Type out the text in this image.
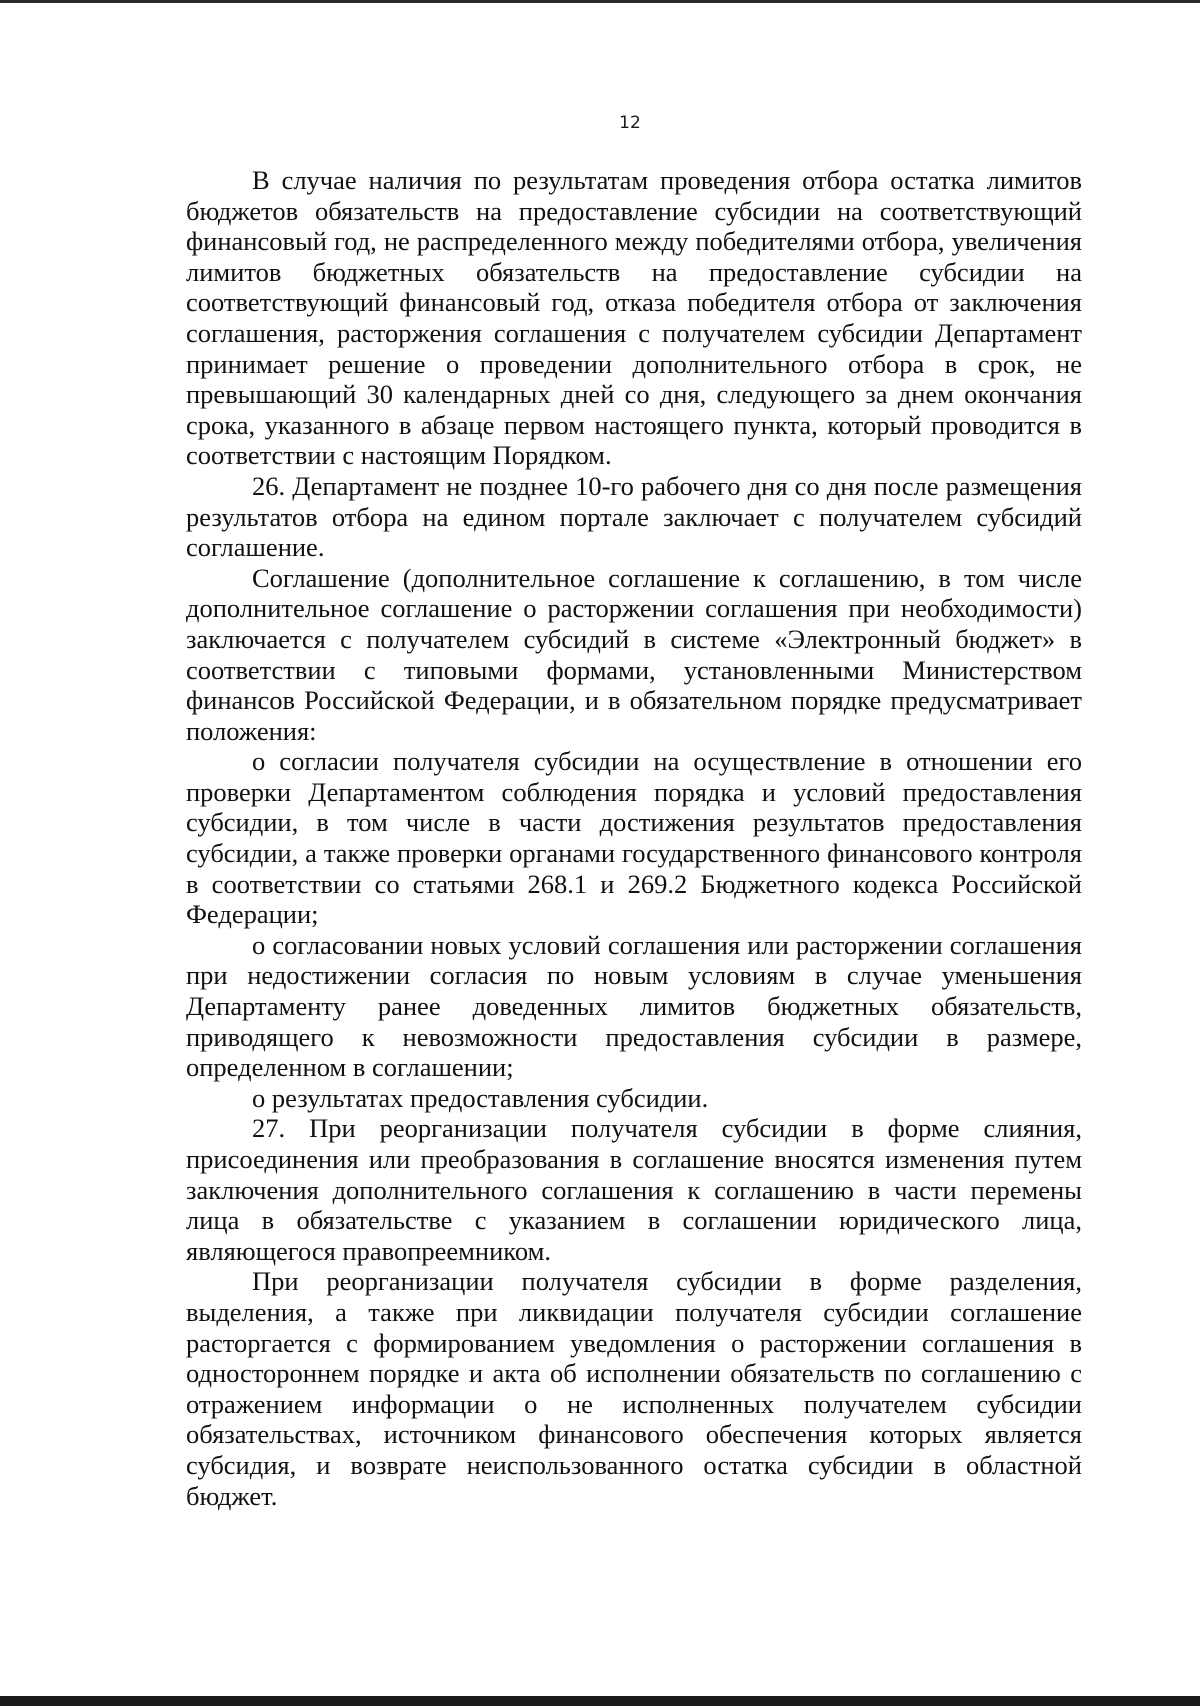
12

В случае наличия по результатам проведения отбора остатка лимитов бюджетов обязательств на предоставление субсидии на соответствующий финансовый год, не распределенного между победителями отбора, увеличения лимитов бюджетных обязательств на предоставление субсидии на соответствующий финансовый год, отказа победителя отбора от заключения соглашения, расторжения соглашения с получателем субсидии Департамент принимает решение о проведении дополнительного отбора в срок, не превышающий 30 календарных дней со дня, следующего за днем окончания срока, указанного в абзаце первом настоящего пункта, который проводится в соответствии с настоящим Порядком.

26. Департамент не позднее 10-го рабочего дня со дня после размещения результатов отбора на едином портале заключает с получателем субсидий соглашение.

Соглашение (дополнительное соглашение к соглашению, в том числе дополнительное соглашение о расторжении соглашения при необходимости) заключается с получателем субсидий в системе «Электронный бюджет» в соответствии с типовыми формами, установленными Министерством финансов Российской Федерации, и в обязательном порядке предусматривает положения:

о согласии получателя субсидии на осуществление в отношении его проверки Департаментом соблюдения порядка и условий предоставления субсидии, в том числе в части достижения результатов предоставления субсидии, а также проверки органами государственного финансового контроля в соответствии со статьями 268.1 и 269.2 Бюджетного кодекса Российской Федерации;

о согласовании новых условий соглашения или расторжении соглашения при недостижении согласия по новым условиям в случае уменьшения Департаменту ранее доведенных лимитов бюджетных обязательств, приводящего к невозможности предоставления субсидии в размере, определенном в соглашении;

о результатах предоставления субсидии.

27. При реорганизации получателя субсидии в форме слияния, присоединения или преобразования в соглашение вносятся изменения путем заключения дополнительного соглашения к соглашению в части перемены лица в обязательстве с указанием в соглашении юридического лица, являющегося правопреемником.

При реорганизации получателя субсидии в форме разделения, выделения, а также при ликвидации получателя субсидии соглашение расторгается с формированием уведомления о расторжении соглашения в одностороннем порядке и акта об исполнении обязательств по соглашению с отражением информации о не исполненных получателем субсидии обязательствах, источником финансового обеспечения которых является субсидия, и возврате неиспользованного остатка субсидии в областной бюджет.
